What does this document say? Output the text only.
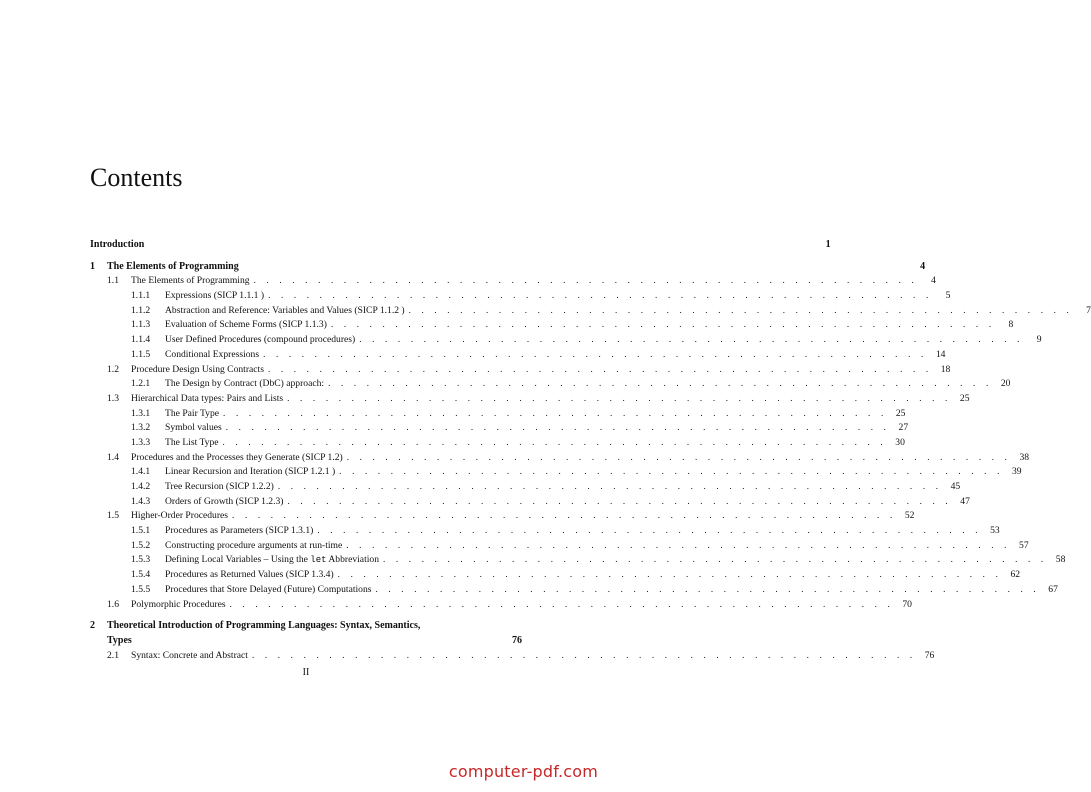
Contents
Introduction	1
1	The Elements of Programming	4
1.1	The Elements of Programming . . . . . . . . . . . . . . . . . . . . . . . . . . . . . . . . . . . . . . . . . . . . . . . . . . . .	4
1.1.1	Expressions (SICP 1.1.1 ) . . . . . . . . . . . . . . . . . . . . . . . . . . . . . . . . . . . . . . . . . . . . . . . . . . . .	5
1.1.2	Abstraction and Reference: Variables and Values (SICP 1.1.2 ) . . . . . . . . . . . . . . . . . . . . . . . . . . . . . . . . . . . . . . . . . . . . . . . . . . . .	7
1.1.3	Evaluation of Scheme Forms (SICP 1.1.3) . . . . . . . . . . . . . . . . . . . . . . . . . . . . . . . . . . . . . . . . . . . . . . . . . . . .	8
1.1.4	User Defined Procedures (compound procedures) . . . . . . . . . . . . . . . . . . . . . . . . . . . . . . . . . . . . . . . . . . . . . . . . . . . .	9
1.1.5	Conditional Expressions . . . . . . . . . . . . . . . . . . . . . . . . . . . . . . . . . . . . . . . . . . . . . . . . . . . . 14
1.2	Procedure Design Using Contracts . . . . . . . . . . . . . . . . . . . . . . . . . . . . . . . . . . . . . . . . . . . . . . . . . . . . 18
1.2.1	The Design by Contract (DbC) approach: . . . . . . . . . . . . . . . . . . . . . . . . . . . . . . . . . . . . . . . . . . . . . . . . . . . . 20
1.3	Hierarchical Data types: Pairs and Lists . . . . . . . . . . . . . . . . . . . . . . . . . . . . . . . . . . . . . . . . . . . . . . . . . . . . 25
1.3.1	The Pair Type . . . . . . . . . . . . . . . . . . . . . . . . . . . . . . . . . . . . . . . . . . . . . . . . . . . . 25
1.3.2	Symbol values . . . . . . . . . . . . . . . . . . . . . . . . . . . . . . . . . . . . . . . . . . . . . . . . . . . . 27
1.3.3	The List Type . . . . . . . . . . . . . . . . . . . . . . . . . . . . . . . . . . . . . . . . . . . . . . . . . . . . 30
1.4	Procedures and the Processes they Generate (SICP 1.2) . . . . . . . . . . . . . . . . . . . . . . . . . . . . . . . . . . . . . . . . . . . . . . . . . . . . 38
1.4.1	Linear Recursion and Iteration (SICP 1.2.1 ) . . . . . . . . . . . . . . . . . . . . . . . . . . . . . . . . . . . . . . . . . . . . . . . . . . . . 39
1.4.2	Tree Recursion (SICP 1.2.2) . . . . . . . . . . . . . . . . . . . . . . . . . . . . . . . . . . . . . . . . . . . . . . . . . . . . 45
1.4.3	Orders of Growth (SICP 1.2.3) . . . . . . . . . . . . . . . . . . . . . . . . . . . . . . . . . . . . . . . . . . . . . . . . . . . . 47
1.5	Higher-Order Procedures . . . . . . . . . . . . . . . . . . . . . . . . . . . . . . . . . . . . . . . . . . . . . . . . . . . . 52
1.5.1	Procedures as Parameters (SICP 1.3.1) . . . . . . . . . . . . . . . . . . . . . . . . . . . . . . . . . . . . . . . . . . . . . . . . . . . . 53
1.5.2	Constructing procedure arguments at run-time . . . . . . . . . . . . . . . . . . . . . . . . . . . . . . . . . . . . . . . . . . . . . . . . . . . . 57
1.5.3	Defining Local Variables – Using the let Abbreviation . . . . . . . . . . . . . . . . . . . . . . . . . . . . . . . . . . . . . . . . . . . . . . . . . . . . 58
1.5.4	Procedures as Returned Values (SICP 1.3.4) . . . . . . . . . . . . . . . . . . . . . . . . . . . . . . . . . . . . . . . . . . . . . . . . . . . . 62
1.5.5	Procedures that Store Delayed (Future) Computations . . . . . . . . . . . . . . . . . . . . . . . . . . . . . . . . . . . . . . . . . . . . . . . . . . . . 67
1.6	Polymorphic Procedures . . . . . . . . . . . . . . . . . . . . . . . . . . . . . . . . . . . . . . . . . . . . . . . . . . . . 70
2	Theoretical Introduction of Programming Languages: Syntax, Semantics,
Types	76
2.1	Syntax: Concrete and Abstract . . . . . . . . . . . . . . . . . . . . . . . . . . . . . . . . . . . . . . . . . . . . . . . . . . . . 76
II
computer-pdf.com
